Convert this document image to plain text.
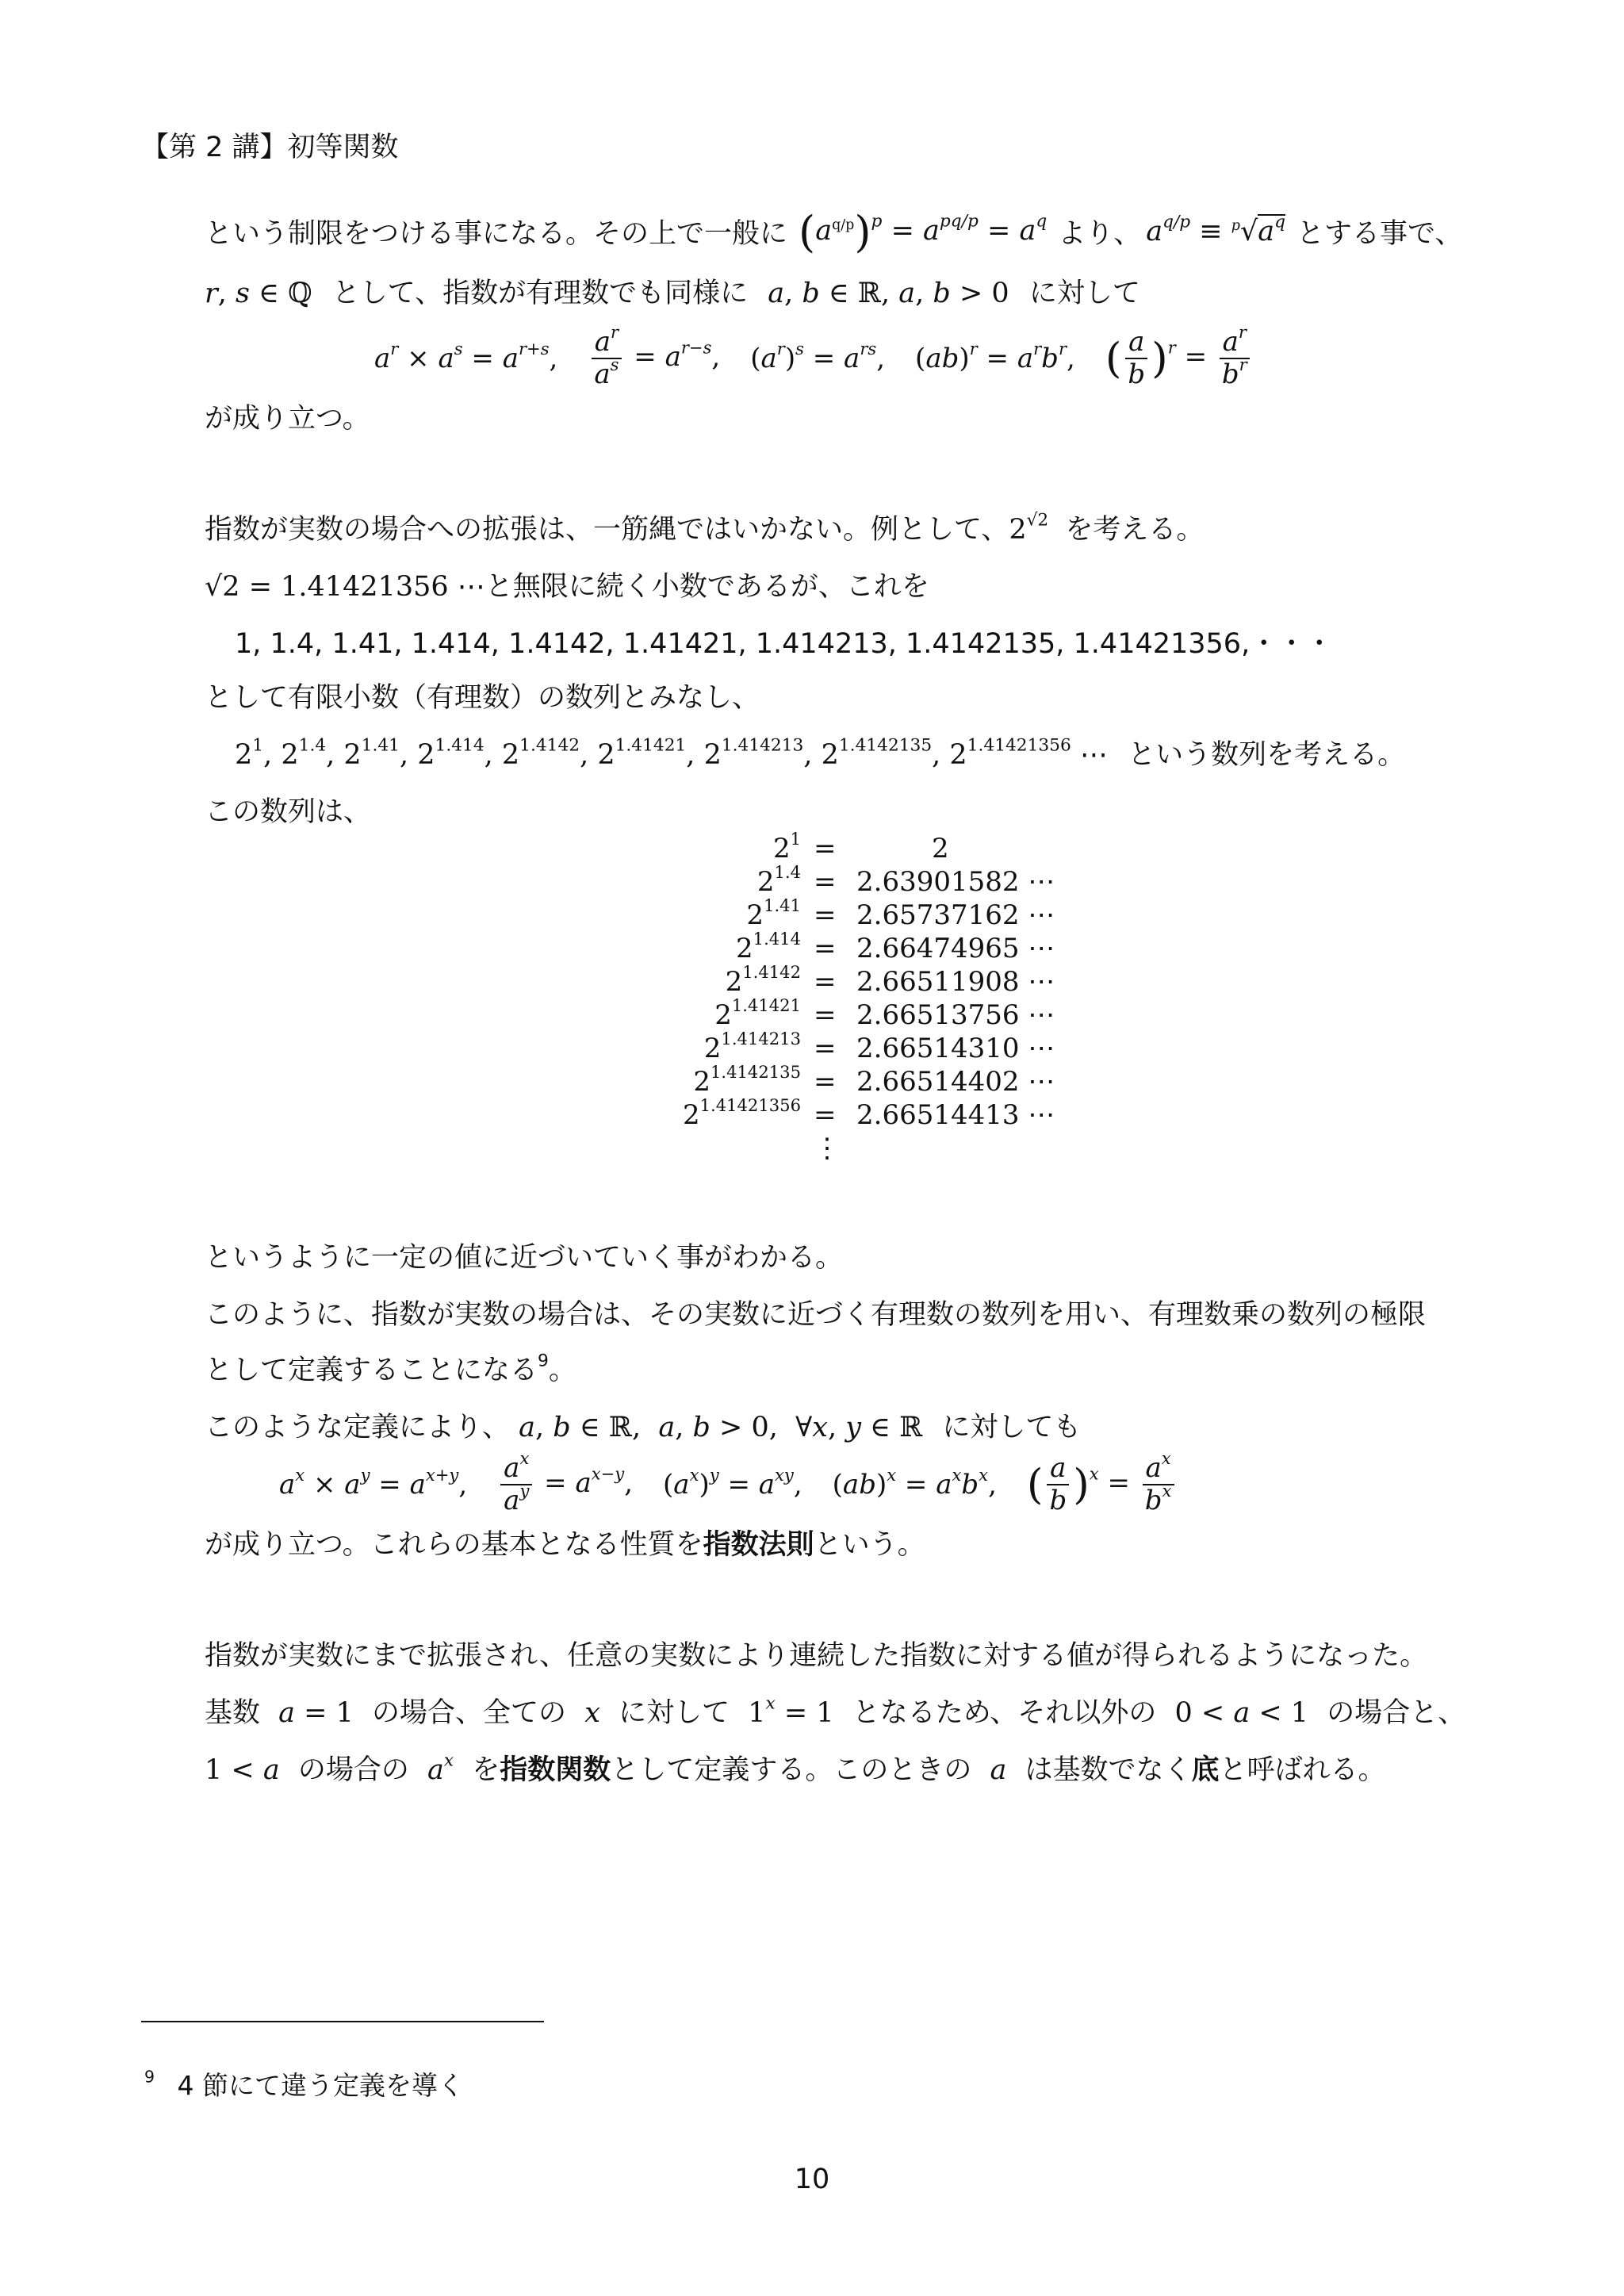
【第 2 講】初等関数
という制限をつける事になる。その上で一般に $(a^{q/p})^p = a^{pq/p} = a^q$ より、 $a^{q/p} \equiv ^p√a^q$ とする事で、
r, s ∈ ℚ として、指数が有理数でも同様に a, b ∈ ℝ, a, b > 0 に対して
$a^r \times a^s = a^{r+s}$, $\frac{a^r}{a^s} = a^{r-s}$, $(a^r)^s = a^{rs}$, $(ab)^r = a^rb^r$, ( $\frac{a}{b} )^r = \frac{a^r}{b^r}$
が成り立つ。
指数が実数の場合への拡張は、一筋縄ではいかない。例として、$2^{√2}$ を考える。
√2 = 1.41421356 ⋯と無限に続く小数であるが、これを
1, 1.4, 1.41, 1.414, 1.4142, 1.41421, 1.414213, 1.4142135, 1.41421356,・・・
として有限小数（有理数）の数列とみなし、
$2^1$, $2^{1.4}$, $2^{1.41}$, $2^{1.414}$, $2^{1.4142}$, $2^{1.41421}$, $2^{1.414213}$, $2^{1.4142135}$, $2^{1.41421356}$ ⋯ という数列を考える。
この数列は、
$2^1$ =	2
$2^{1.4} = 2.63901582$ ⋯
$2^{1.41} = 2.65737162$ ⋯
$2^{1.414} = 2.66474965$ ⋯
$2^{1.4142} = 2.66511908$ ⋯
$2^{1.41421} = 2.66513756$ ⋯
$2^{1.414213} = 2.66514310$ ⋯
$2^{1.4142135} = 2.66514402$ ⋯
$2^{1.41421356} = 2.66514413$ ⋯
⋮
というように一定の値に近づいていく事がわかる。
このように、指数が実数の場合は、その実数に近づく有理数の数列を用い、有理数乗の数列の極限
として定義することになる$^9$。
このような定義により、 a, b ∈ ℝ,  a, b > 0,  ∀x, y ∈ ℝ に対しても
$a^x \times a^y = a^{x+y}$, $\frac{a^x}{a^y} = a^{x-y}$, $(a^x)^y = a^{xy}$, $(ab)^x = a^xb^x$, ( $\frac{a}{b} )^x = \frac{a^x}{b^x}$
が成り立つ。これらの基本となる性質を指数法則という。
指数が実数にまで拡張され、任意の実数により連続した指数に対する値が得られるようになった。
基数 a = 1 の場合、全ての x に対して $1^x = 1$ となるため、それ以外の 0 < a < 1 の場合と、
1 < a の場合の $a^x$ を指数関数として定義する。このときの a は基数でなく底と呼ばれる。
$^9$ 4 節にて違う定義を導く
10
